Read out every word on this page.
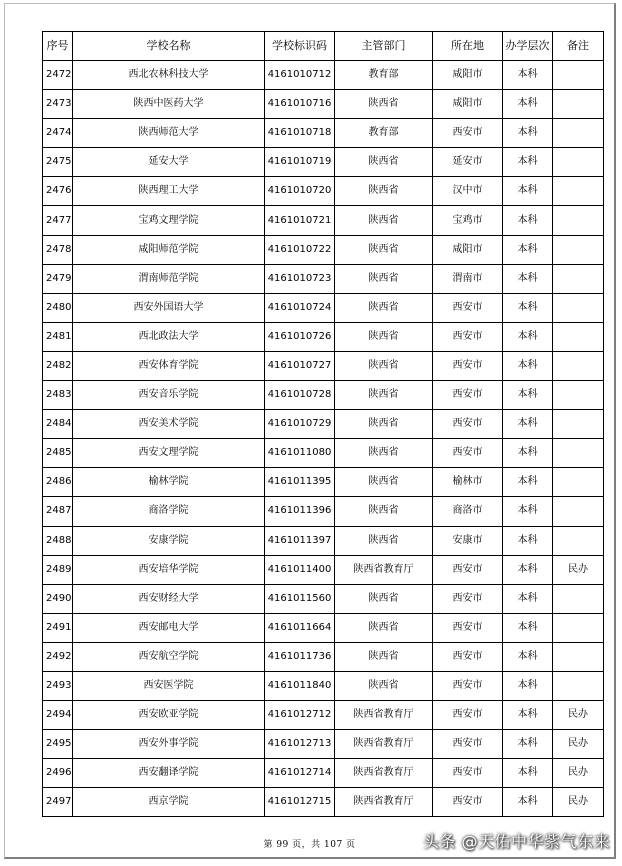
序号	学校名称	学校标识码	主管部门	所在地	办学层次	备注
2472	西北农林科技大学	4161010712	教育部	咸阳市	本科	
2473	陕西中医药大学	4161010716	陕西省	咸阳市	本科	
2474	陕西师范大学	4161010718	教育部	西安市	本科	
2475	延安大学	4161010719	陕西省	延安市	本科	
2476	陕西理工大学	4161010720	陕西省	汉中市	本科	
2477	宝鸡文理学院	4161010721	陕西省	宝鸡市	本科	
2478	咸阳师范学院	4161010722	陕西省	咸阳市	本科	
2479	渭南师范学院	4161010723	陕西省	渭南市	本科	
2480	西安外国语大学	4161010724	陕西省	西安市	本科	
2481	西北政法大学	4161010726	陕西省	西安市	本科	
2482	西安体育学院	4161010727	陕西省	西安市	本科	
2483	西安音乐学院	4161010728	陕西省	西安市	本科	
2484	西安美术学院	4161010729	陕西省	西安市	本科	
2485	西安文理学院	4161011080	陕西省	西安市	本科	
2486	榆林学院	4161011395	陕西省	榆林市	本科	
2487	商洛学院	4161011396	陕西省	商洛市	本科	
2488	安康学院	4161011397	陕西省	安康市	本科	
2489	西安培华学院	4161011400	陕西省教育厅	西安市	本科	民办
2490	西安财经大学	4161011560	陕西省	西安市	本科	
2491	西安邮电大学	4161011664	陕西省	西安市	本科	
2492	西安航空学院	4161011736	陕西省	西安市	本科	
2493	西安医学院	4161011840	陕西省	西安市	本科	
2494	西安欧亚学院	4161012712	陕西省教育厅	西安市	本科	民办
2495	西安外事学院	4161012713	陕西省教育厅	西安市	本科	民办
2496	西安翻译学院	4161012714	陕西省教育厅	西安市	本科	民办
2497	西京学院	4161012715	陕西省教育厅	西安市	本科	民办
第 99 页，共 107 页	头条 @天佑中华紫气东来
